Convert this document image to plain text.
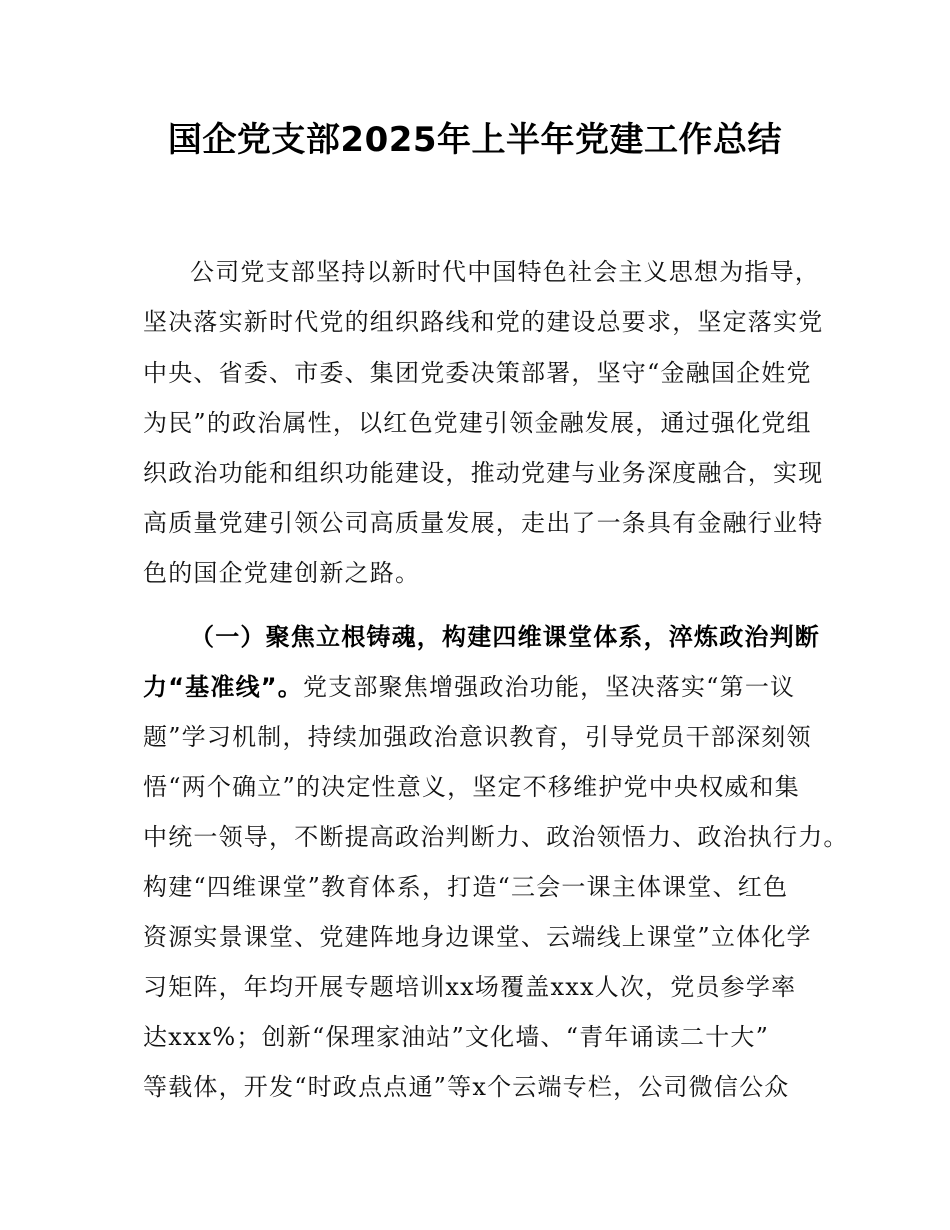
国企党支部2025年上半年党建工作总结
公司党支部坚持以新时代中国特色社会主义思想为指导，
坚决落实新时代党的组织路线和党的建设总要求，坚定落实党
中央、省委、市委、集团党委决策部署，坚守“金融国企姓党
为民”的政治属性，以红色党建引领金融发展，通过强化党组
织政治功能和组织功能建设，推动党建与业务深度融合，实现
高质量党建引领公司高质量发展，走出了一条具有金融行业特
色的国企党建创新之路。
（一）聚焦立根铸魂，构建四维课堂体系，淬炼政治判断
力“基准线”。党支部聚焦增强政治功能，坚决落实“第一议
题”学习机制，持续加强政治意识教育，引导党员干部深刻领
悟“两个确立”的决定性意义，坚定不移维护党中央权威和集
中统一领导，不断提高政治判断力、政治领悟力、政治执行力。
构建“四维课堂”教育体系，打造“三会一课主体课堂、红色
资源实景课堂、党建阵地身边课堂、云端线上课堂”立体化学
习矩阵，年均开展专题培训xx场覆盖xxx人次，党员参学率
达xxx%；创新“保理家油站”文化墙、“青年诵读二十大”
等载体，开发“时政点点通”等x个云端专栏，公司微信公众
